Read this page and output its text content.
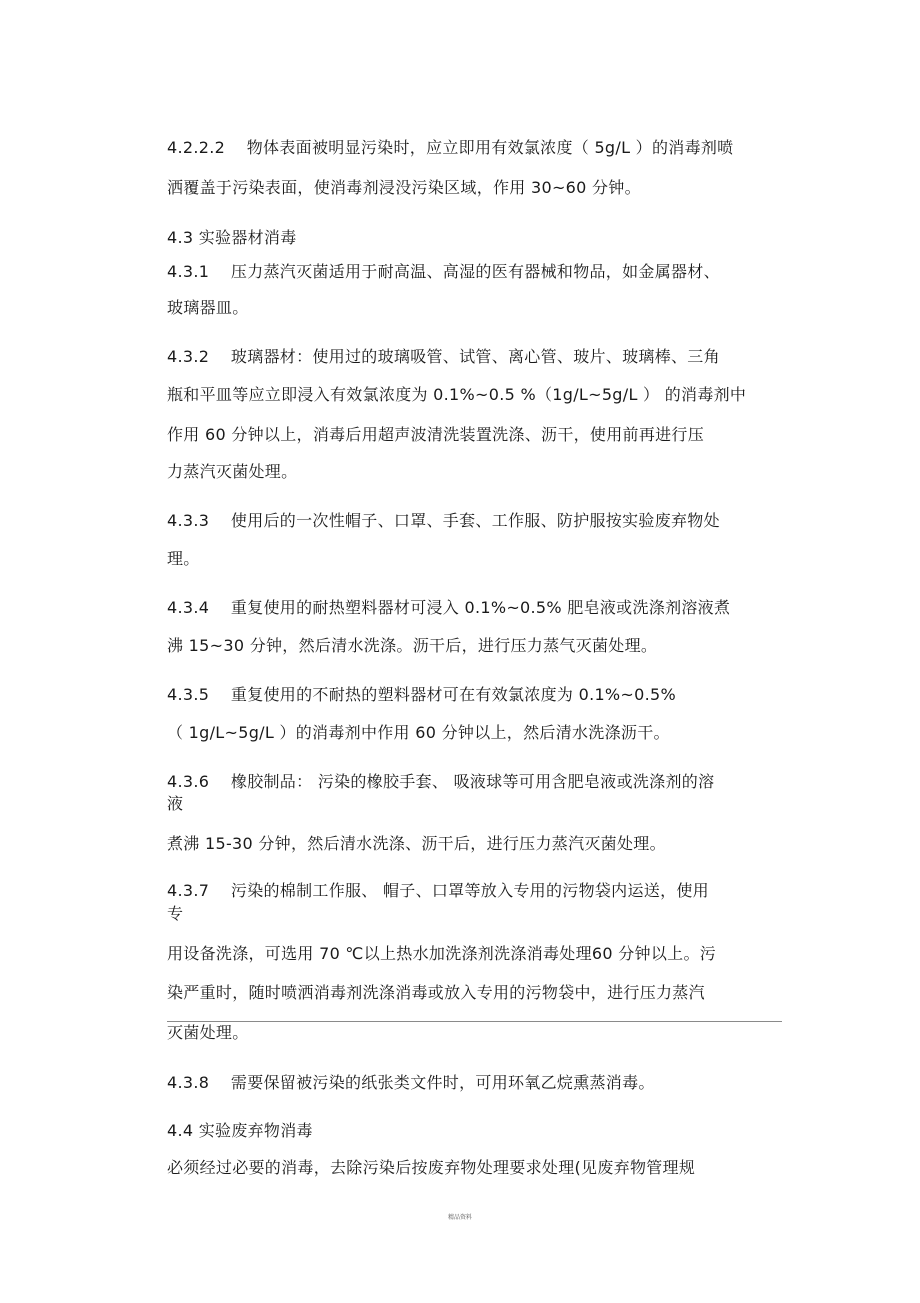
4.2.2.2　 物体表面被明显污染时，应立即用有效氯浓度（ 5g/L ）的消毒剂喷
洒覆盖于污染表面，使消毒剂浸没污染区域，作用 30~60 分钟。
4.3 实验器材消毒
4.3.1　 压力蒸汽灭菌适用于耐高温、高湿的医有器械和物品，如金属器材、
玻璃器皿。
4.3.2　 玻璃器材：使用过的玻璃吸管、试管、离心管、玻片、玻璃棒、三角
瓶和平皿等应立即浸入有效氯浓度为 0.1%~0.5 %（1g/L~5g/L ） 的消毒剂中
作用 60 分钟以上，消毒后用超声波清洗装置洗涤、沥干，使用前再进行压
力蒸汽灭菌处理。
4.3.3　 使用后的一次性帽子、口罩、手套、工作服、防护服按实验废弃物处
理。
4.3.4　 重复使用的耐热塑料器材可浸入 0.1%~0.5% 肥皂液或洗涤剂溶液煮
沸 15~30 分钟，然后清水洗涤。沥干后，进行压力蒸气灭菌处理。
4.3.5　 重复使用的不耐热的塑料器材可在有效氯浓度为 0.1%~0.5%
（ 1g/L~5g/L ）的消毒剂中作用 60 分钟以上，然后清水洗涤沥干。
4.3.6　 橡胶制品： 污染的橡胶手套、 吸液球等可用含肥皂液或洗涤剂的溶
液
煮沸 15-30 分钟，然后清水洗涤、沥干后，进行压力蒸汽灭菌处理。
4.3.7　 污染的棉制工作服、 帽子、口罩等放入专用的污物袋内运送，使用
专
用设备洗涤，可选用 70 ℃以上热水加洗涤剂洗涤消毒处理60 分钟以上。污
染严重时，随时喷洒消毒剂洗涤消毒或放入专用的污物袋中，进行压力蒸汽
灭菌处理。
4.3.8　 需要保留被污染的纸张类文件时，可用环氧乙烷熏蒸消毒。
4.4 实验废弃物消毒
必须经过必要的消毒，去除污染后按废弃物处理要求处理(见废弃物管理规
精品资料
